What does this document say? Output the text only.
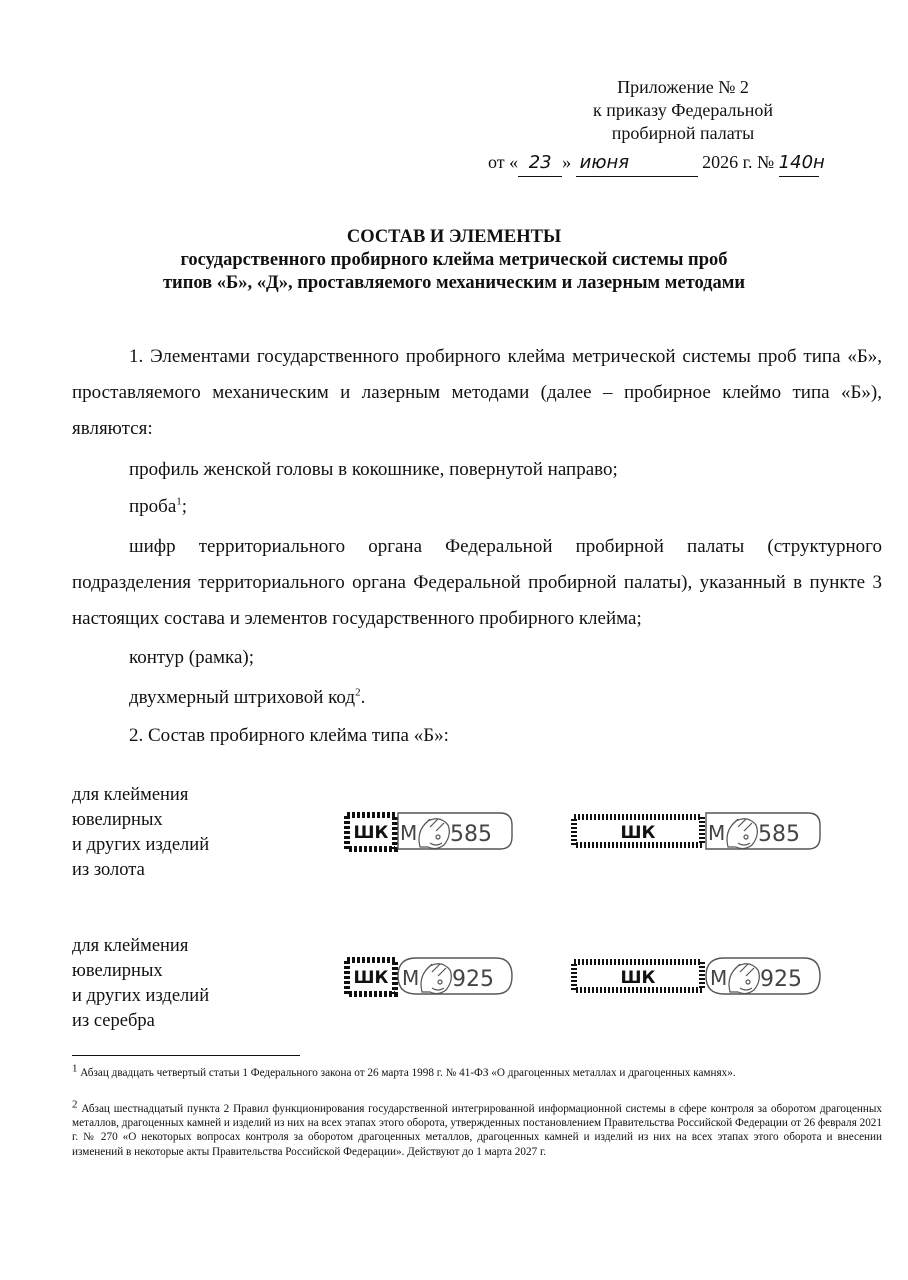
Приложение № 2
к приказу Федеральной
пробирной палаты
от « 23 » июня	2026 г. № 140н
СОСТАВ И ЭЛЕМЕНТЫ
государственного пробирного клейма метрической системы проб
типов «Б», «Д», проставляемого механическим и лазерным методами
1. Элементами государственного пробирного клейма метрической системы проб типа «Б», проставляемого механическим и лазерным методами (далее – пробирное клеймо типа «Б»), являются:
профиль женской головы в кокошнике, повернутой направо;
проба$^1$;
шифр территориального органа Федеральной пробирной палаты (структурного подразделения территориального органа Федеральной пробирной палаты), указанный в пункте 3 настоящих состава и элементов государственного пробирного клейма;
контур (рамка);
двухмерный штриховой код$^2$.
2. Состав пробирного клейма типа «Б»:
для клеймения
ювелирных
и других изделий
из золота
ШК М 585	ШК	М 585
для клеймения
ювелирных
и других изделий
из серебра
ШК М 925	ШК	М 925
$^1$ Абзац двадцать четвертый статьи 1 Федерального закона от 26 марта 1998 г. № 41-ФЗ «О драгоценных металлах и драгоценных камнях».
$^2$ Абзац шестнадцатый пункта 2 Правил функционирования государственной интегрированной информационной системы в сфере контроля за оборотом драгоценных металлов, драгоценных камней и изделий из них на всех этапах этого оборота, утвержденных постановлением Правительства Российской Федерации от 26 февраля 2021 г. № 270 «О некоторых вопросах контроля за оборотом драгоценных металлов, драгоценных камней и изделий из них на всех этапах этого оборота и внесении изменений в некоторые акты Правительства Российской Федерации». Действуют до 1 марта 2027 г.
